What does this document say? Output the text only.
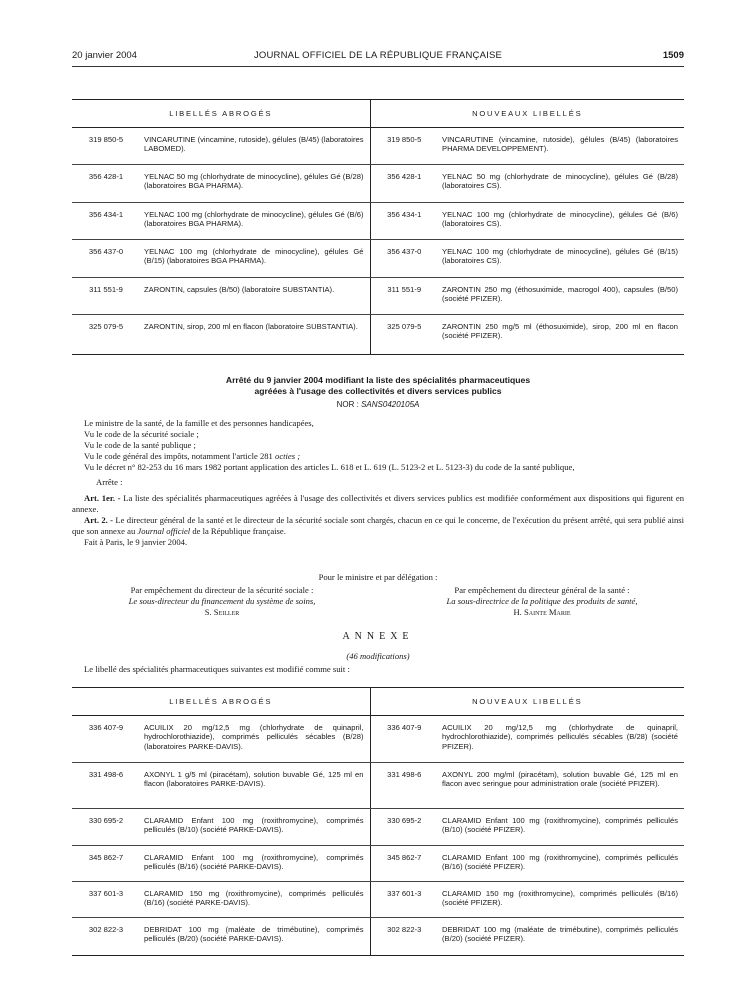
20 janvier 2004	JOURNAL OFFICIEL DE LA RÉPUBLIQUE FRANÇAISE	1509
LIBELLÉS ABROGÉS		NOUVEAUX LIBELLÉS	
319 850-5	VINCARUTINE (vincamine, rutoside), gélules (B/45) (laboratoires LABOMED).	319 850-5	VINCARUTINE (vincamine, rutoside), gélules (B/45) (laboratoires PHARMA DEVELOPPEMENT).
356 428-1	YELNAC 50 mg (chlorhydrate de minocycline), gélules Gé (B/28) (laboratoires BGA PHARMA).	356 428-1	YELNAC 50 mg (chlorhydrate de minocycline), gélules Gé (B/28) (laboratoires CS).
356 434-1	YELNAC 100 mg (chlorhydrate de minocycline), gélules Gé (B/6) (laboratoires BGA PHARMA).	356 434-1	YELNAC 100 mg (chlorhydrate de minocycline), gélules Gé (B/6) (laboratoires CS).
356 437-0	YELNAC 100 mg (chlorhydrate de minocycline), gélules Gé (B/15) (laboratoires BGA PHARMA).	356 437-0	YELNAC 100 mg (chlorhydrate de minocycline), gélules Gé (B/15) (laboratoires CS).
311 551-9	ZARONTIN, capsules (B/50) (laboratoire SUBSTANTIA).	311 551-9	ZARONTIN 250 mg (éthosuximide, macrogol 400), capsules (B/50) (société PFIZER).
325 079-5	ZARONTIN, sirop, 200 ml en flacon (laboratoire SUBSTANTIA).	325 079-5	ZARONTIN 250 mg/5 ml (éthosuximide), sirop, 200 ml en flacon (société PFIZER).
Arrêté du 9 janvier 2004 modifiant la liste des spécialités pharmaceutiques
agréées à l'usage des collectivités et divers services publics
NOR : SANS0420105A

Le ministre de la santé, de la famille et des personnes handicapées,

Vu le code de la sécurité sociale ;

Vu le code de la santé publique ;

Vu le code général des impôts, notamment l'article 281 octies ;

Vu le décret n° 82-253 du 16 mars 1982 portant application des articles L. 618 et L. 619 (L. 5123-2 et L. 5123-3) du code de la santé publique,

Arrête :

Art. 1er. - La liste des spécialités pharmaceutiques agréées à l'usage des collectivités et divers services publics est modifiée conformément aux dispositions qui figurent en annexe.

Art. 2. - Le directeur général de la santé et le directeur de la sécurité sociale sont chargés, chacun en ce qui le concerne, de l'exécution du présent arrêté, qui sera publié ainsi que son annexe au Journal officiel de la République française.

Fait à Paris, le 9 janvier 2004.

Pour le ministre et par délégation :
Par empêchement du directeur de la sécurité sociale :
Le sous-directeur du financement du système de soins,
S. Seiller
Par empêchement du directeur général de la santé :
La sous-directrice de la politique des produits de santé,
H. Sainte Marie
ANNEXE
(46 modifications)

Le libellé des spécialités pharmaceutiques suivantes est modifié comme suit :

LIBELLÉS ABROGÉS		NOUVEAUX LIBELLÉS	
336 407-9	ACUILIX 20 mg/12,5 mg (chlorhydrate de quinapril, hydrochlorothiazide), comprimés pelliculés sécables (B/28) (laboratoires PARKE-DAVIS).	336 407-9	ACUILIX 20 mg/12,5 mg (chlorhydrate de quinapril, hydrochlorothiazide), comprimés pelliculés sécables (B/28) (société PFIZER).
331 498-6	AXONYL 1 g/5 ml (piracétam), solution buvable Gé, 125 ml en flacon (laboratoires PARKE-DAVIS).	331 498-6	AXONYL 200 mg/ml (piracétam), solution buvable Gé, 125 ml en flacon avec seringue pour administration orale (société PFIZER).
330 695-2	CLARAMID Enfant 100 mg (roxithromycine), comprimés pelliculés (B/10) (société PARKE-DAVIS).	330 695-2	CLARAMID Enfant 100 mg (roxithromycine), comprimés pelliculés (B/10) (société PFIZER).
345 862-7	CLARAMID Enfant 100 mg (roxithromycine), comprimés pelliculés (B/16) (société PARKE-DAVIS).	345 862-7	CLARAMID Enfant 100 mg (roxithromycine), comprimés pelliculés (B/16) (société PFIZER).
337 601-3	CLARAMID 150 mg (roxithromycine), comprimés pelliculés (B/16) (société PARKE-DAVIS).	337 601-3	CLARAMID 150 mg (roxithromycine), comprimés pelliculés (B/16) (société PFIZER).
302 822-3	DEBRIDAT 100 mg (maléate de trimébutine), comprimés pelliculés (B/20) (société PARKE-DAVIS).	302 822-3	DEBRIDAT 100 mg (maléate de trimébutine), comprimés pelliculés (B/20) (société PFIZER).
